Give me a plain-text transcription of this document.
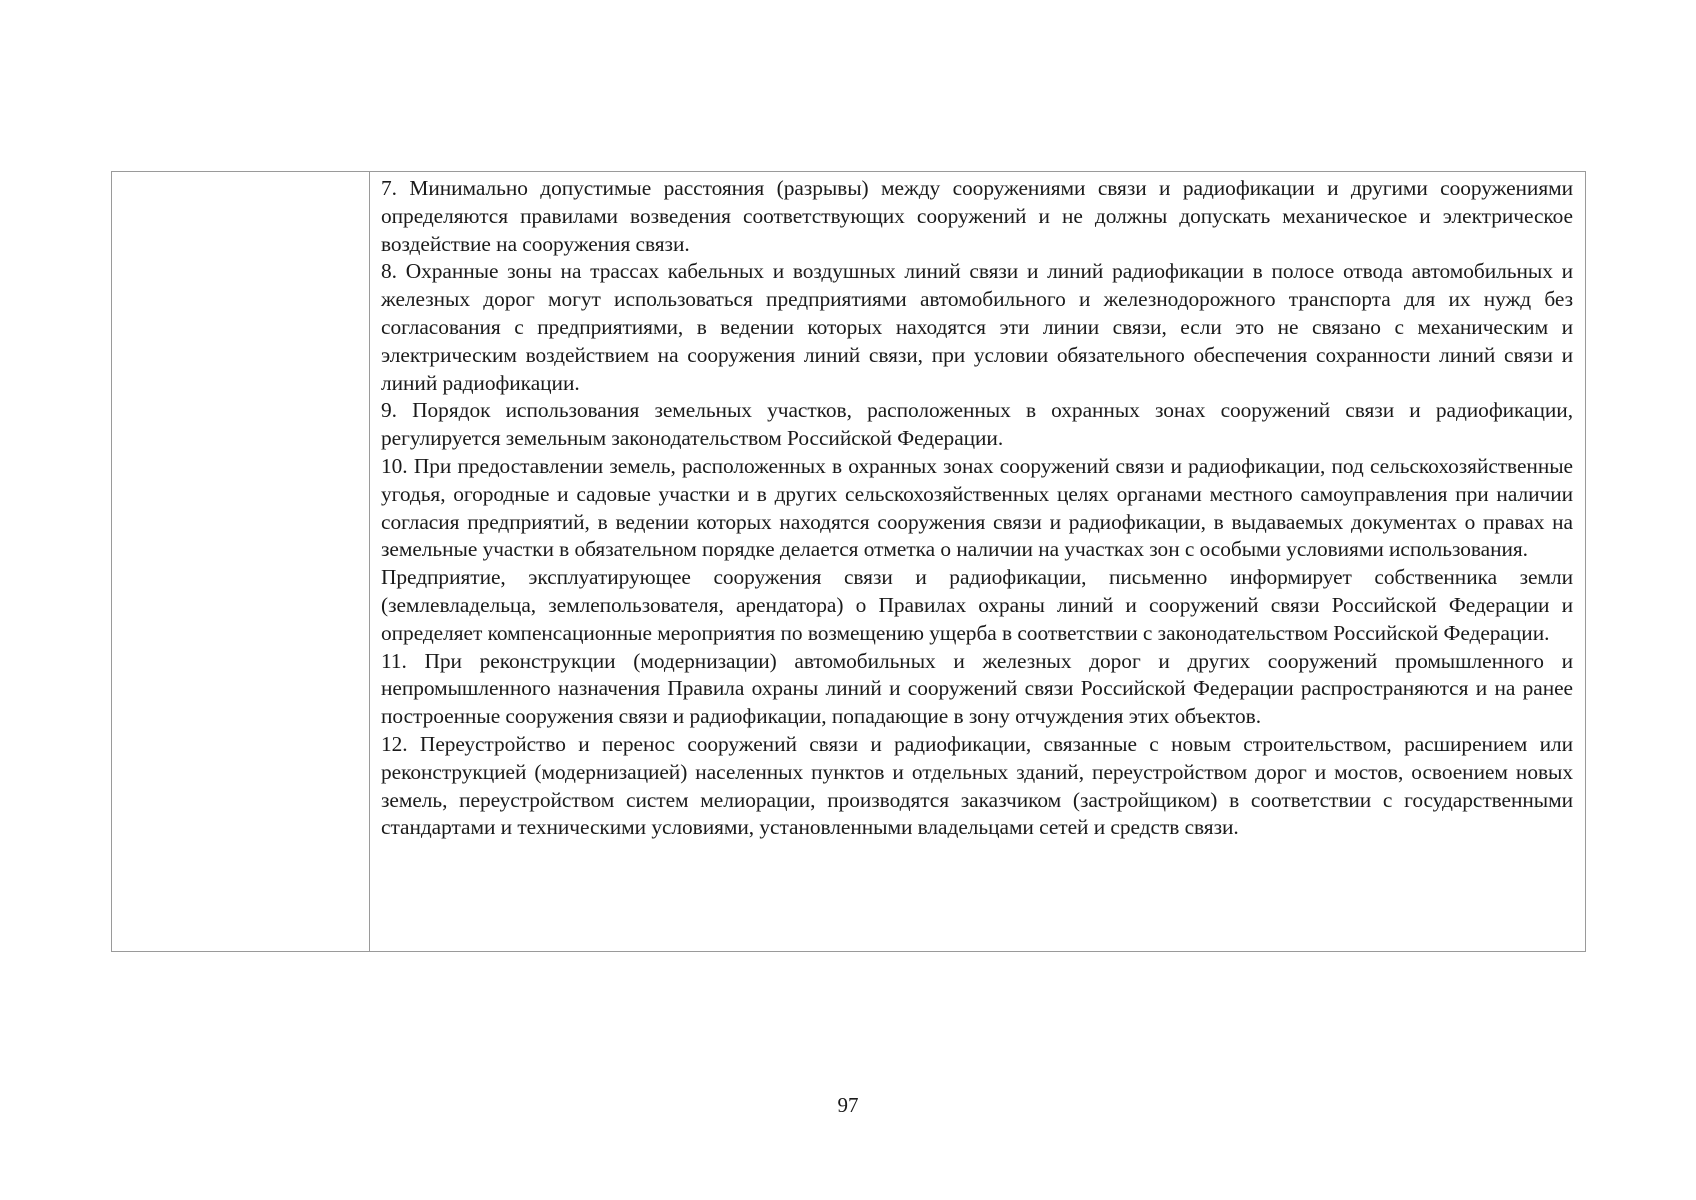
7. Минимально допустимые расстояния (разрывы) между сооружениями связи и радиофикации и другими сооружениями определяются правилами возведения соответствующих сооружений и не должны допускать механическое и электрическое воздействие на сооружения связи.

8. Охранные зоны на трассах кабельных и воздушных линий связи и линий радиофикации в полосе отвода автомобильных и железных дорог могут использоваться предприятиями автомобильного и железнодорожного транспорта для их нужд без согласования с предприятиями, в ведении которых находятся эти линии связи, если это не связано с механическим и электрическим воздействием на сооружения линий связи, при условии обязательного обеспечения сохранности линий связи и линий радиофикации.

9. Порядок использования земельных участков, расположенных в охранных зонах сооружений связи и радиофикации, регулируется земельным законодательством Российской Федерации.

10. При предоставлении земель, расположенных в охранных зонах сооружений связи и радиофикации, под сельскохозяйственные угодья, огородные и садовые участки и в других сельскохозяйственных целях органами местного самоуправления при наличии согласия предприятий, в ведении которых находятся сооружения связи и радиофикации, в выдаваемых документах о правах на земельные участки в обязательном порядке делается отметка о наличии на участках зон с особыми условиями использования.

Предприятие, эксплуатирующее сооружения связи и радиофикации, письменно информирует собственника земли (землевладельца, землепользователя, арендатора) о Правилах охраны линий и сооружений связи Российской Федерации и определяет компенсационные мероприятия по возмещению ущерба в соответствии с законодательством Российской Федерации.

11. При реконструкции (модернизации) автомобильных и железных дорог и других сооружений промышленного и непромышленного назначения Правила охраны линий и сооружений связи Российской Федерации распространяются и на ранее построенные сооружения связи и радиофикации, попадающие в зону отчуждения этих объектов.

12. Переустройство и перенос сооружений связи и радиофикации, связанные с новым строительством, расширением или реконструкцией (модернизацией) населенных пунктов и отдельных зданий, переустройством дорог и мостов, освоением новых земель, переустройством систем мелиорации, производятся заказчиком (застройщиком) в соответствии с государственными стандартами и техническими условиями, установленными владельцами сетей и средств связи.

97
